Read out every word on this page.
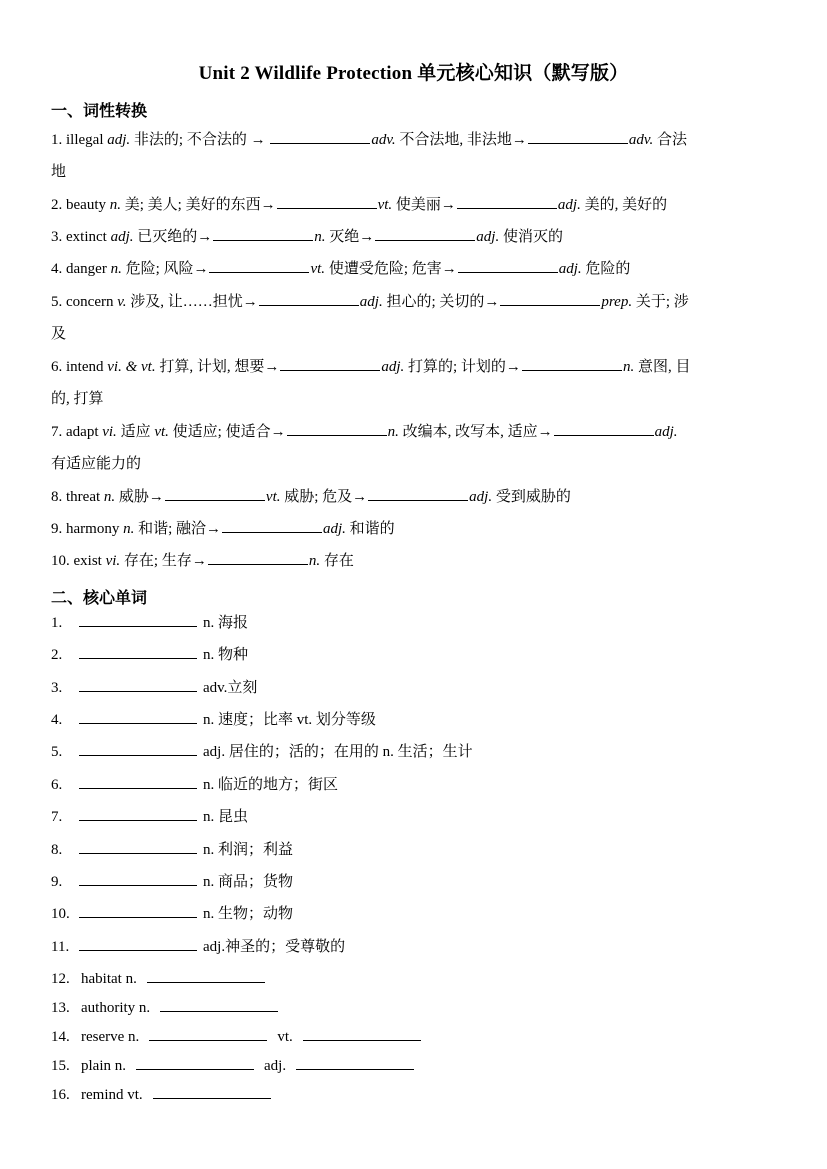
Unit 2 Wildlife Protection 单元核心知识（默写版）
一、词性转换
1. illegal adj. 非法的; 不合法的 →	adv. 不合法地, 非法地→	adv. 合法
地
2. beauty n. 美; 美人; 美好的东西→	vt. 使美丽→	adj. 美的, 美好的
3. extinct adj. 已灭绝的→	n. 灭绝→	adj. 使消灭的
4. danger n. 危险; 风险→	vt. 使遭受危险; 危害→	adj. 危险的
5. concern v. 涉及, 让……担忧→	adj. 担心的; 关切的→	prep. 关于; 涉
及
6. intend vi. & vt. 打算, 计划, 想要→	adj. 打算的; 计划的→	n. 意图, 目
的, 打算
7. adapt vi. 适应 vt. 使适应; 使适合→	n. 改编本, 改写本, 适应→	adj.
有适应能力的
8. threat n. 威胁→	vt. 威胁; 危及→	adj. 受到威胁的
9. harmony n. 和谐; 融洽→	adj. 和谐的
10. exist vi. 存在; 生存→	n. 存在
二、核心单词
1.	n. 海报
2.	n. 物种
3.	adv.立刻
4.	n. 速度；比率 vt. 划分等级
5.	adj. 居住的；活的；在用的 n. 生活；生计
6.	n. 临近的地方；街区
7.	n. 昆虫
8.	n. 利润；利益
9.	n. 商品；货物
10.	n. 生物；动物
11.	adj.神圣的；受尊敬的
12. habitat n.
13. authority n.
14. reserve n.	vt.
15. plain n.	adj.
16. remind vt.
